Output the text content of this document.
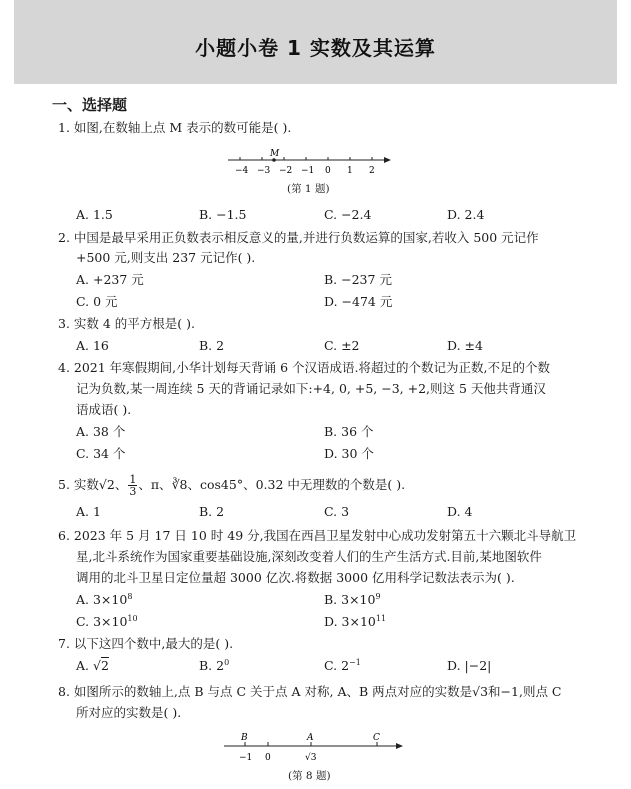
小题小卷 1 实数及其运算
一、选择题
1. 如图,在数轴上点 M 表示的数可能是( ).
M
−4 −3 −2 −1 0 1 2
(第 1 题)
A. 1.5	B. −1.5	C. −2.4	D. 2.4
2. 中国是最早采用正负数表示相反意义的量,并进行负数运算的国家,若收入 500 元记作
+500 元,则支出 237 元记作( ).
A. +237 元	B. −237 元
C. 0 元	D. −474 元
3. 实数 4 的平方根是( ).
A. 16	B. 2	C. ±2	D. ±4
4. 2021 年寒假期间,小华计划每天背诵 6 个汉语成语.将超过的个数记为正数,不足的个数
记为负数,某一周连续 5 天的背诵记录如下:+4, 0, +5, −3, +2,则这 5 天他共背通汉
语成语( ).
A. 38 个	B. 36 个
C. 34 个	D. 30 个
5. 实数√2、 $\frac{1}{3}$ 、π、∛8、cos45°、0.32 中无理数的个数是( ).
A. 1	B. 2	C. 3	D. 4
6. 2023 年 5 月 17 日 10 时 49 分,我国在西昌卫星发射中心成功发射第五十六颗北斗导航卫
星,北斗系统作为国家重要基础设施,深刻改变着人们的生产生活方式.目前,某地图软件
调用的北斗卫星日定位量超 3000 亿次.将数据 3000 亿用科学记数法表示为( ).
A. $3\times 10^8$	B. $3\times 10^9$
C. $3\times 10^{10}$	D. $3\times 10^{11}$
7. 以下这四个数中,最大的是( ).
A. √2	B. $2^0$	C. $2^{-1}$	D. |−2|
8. 如图所示的数轴上,点 B 与点 C 关于点 A 对称, A、B 两点对应的实数是√3和−1,则点 C
所对应的实数是( ).
B	A	C
−1 0	√3
(第 8 题)
